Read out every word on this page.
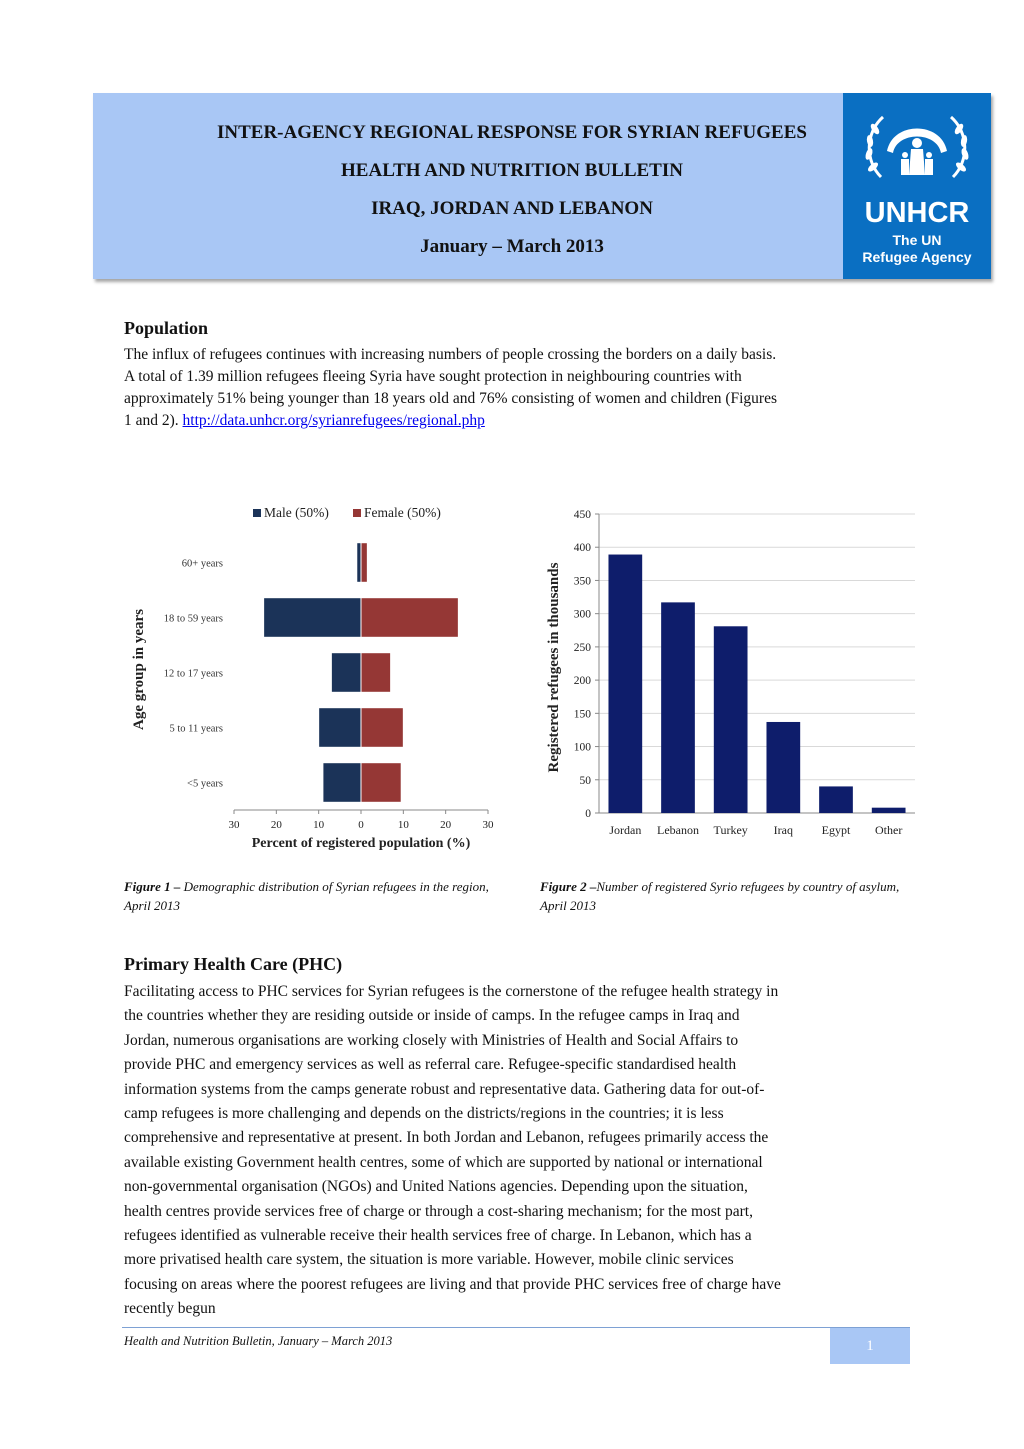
INTER-AGENCY REGIONAL RESPONSE FOR SYRIAN REFUGEES
HEALTH AND NUTRITION BULLETIN
IRAQ, JORDAN AND LEBANON
January – March 2013
UNHCR
The UN
Refugee Agency
Population
The influx of refugees continues with increasing numbers of people crossing the borders on a daily basis.
A total of 1.39 million refugees fleeing Syria have sought protection in neighbouring countries with
approximately 51% being younger than 18 years old and 76% consisting of women and children (Figures
1 and 2). http://data.unhcr.org/syrianrefugees/regional.php
Male (50%)	Female (50%)
<5 years
5 to 11 years
12 to 17 years
18 to 59 years
60+ years
30	20	10	0	10	20	30
Percent of registered population (%)
Age group in years
0
50
100
150
200
250
300
350
400
450
Jordan Lebanon Turkey Iraq Egypt Other
Registered refugees in thousands
Figure 1 – Demographic distribution of Syrian refugees in the region, April 2013
Figure 2 –Number of registered Syrio refugees by country of asylum, April 2013
Primary Health Care (PHC)
Facilitating access to PHC services for Syrian refugees is the cornerstone of the refugee health strategy in
the countries whether they are residing outside or inside of camps. In the refugee camps in Iraq and
Jordan, numerous organisations are working closely with Ministries of Health and Social Affairs to
provide PHC and emergency services as well as referral care. Refugee-specific standardised health
information systems from the camps generate robust and representative data. Gathering data for out-of-
camp refugees is more challenging and depends on the districts/regions in the countries; it is less
comprehensive and representative at present. In both Jordan and Lebanon, refugees primarily access the
available existing Government health centres, some of which are supported by national or international
non-governmental organisation (NGOs) and United Nations agencies. Depending upon the situation,
health centres provide services free of charge or through a cost-sharing mechanism; for the most part,
refugees identified as vulnerable receive their health services free of charge. In Lebanon, which has a
more privatised health care system, the situation is more variable. However, mobile clinic services
focusing on areas where the poorest refugees are living and that provide PHC services free of charge have
recently begun
Health and Nutrition Bulletin, January – March 2013	1
